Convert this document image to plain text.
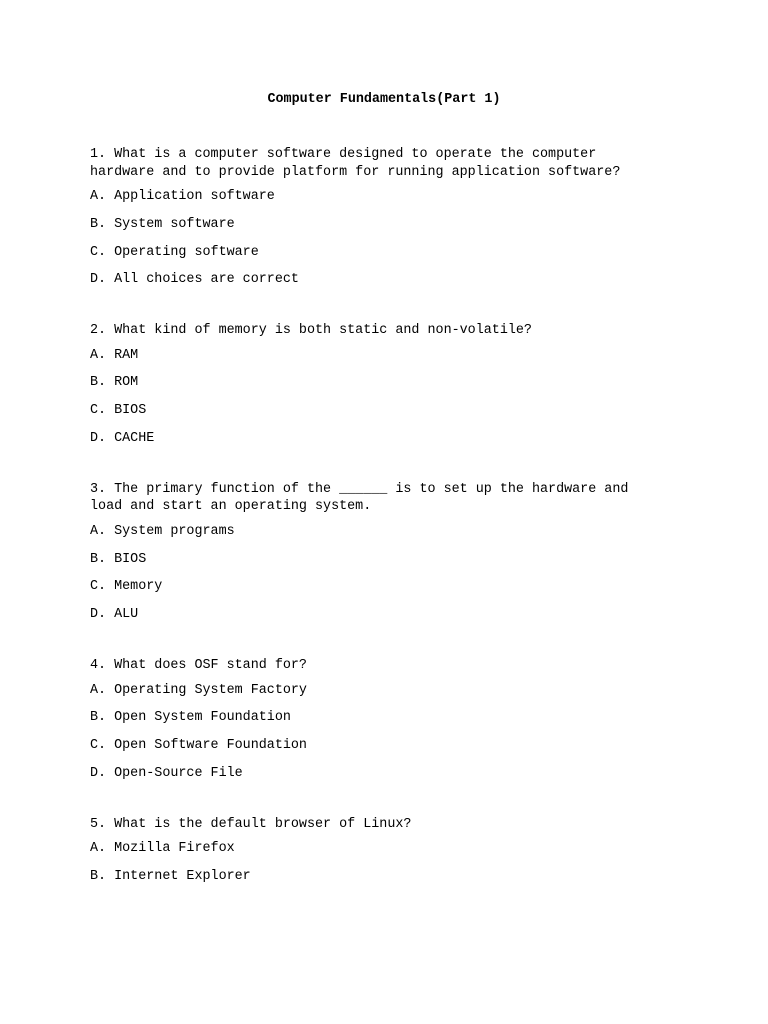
Computer Fundamentals(Part 1)

1. What is a computer software designed to operate the computer
hardware and to provide platform for running application software?

A. Application software

B. System software

C. Operating software

D. All choices are correct

2. What kind of memory is both static and non-volatile?

A. RAM

B. ROM

C. BIOS

D. CACHE

3. The primary function of the ______ is to set up the hardware and
load and start an operating system.

A. System programs

B. BIOS

C. Memory

D. ALU

4. What does OSF stand for?

A. Operating System Factory

B. Open System Foundation

C. Open Software Foundation

D. Open-Source File

5. What is the default browser of Linux?

A. Mozilla Firefox

B. Internet Explorer
